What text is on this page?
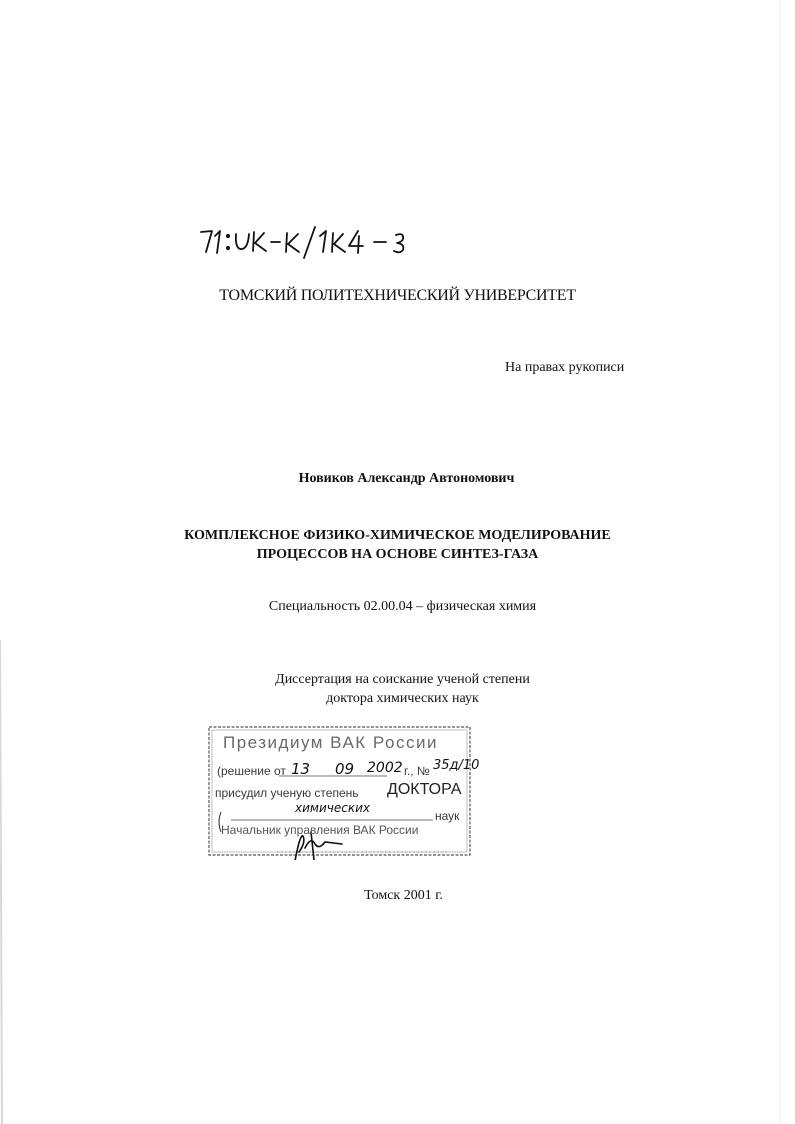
ТОМСКИЙ ПОЛИТЕХНИЧЕСКИЙ УНИВЕРСИТЕТ
На правах рукописи
Новиков Александр Автономович
КОМПЛЕКСНОЕ ФИЗИКО-ХИМИЧЕСКОЕ МОДЕЛИРОВАНИЕ
ПРОЦЕССОВ НА ОСНОВЕ СИНТЕЗ-ГАЗА
Специальность 02.00.04 – физическая химия
Диссертация на соискание ученой степени
доктора химических наук
Президиум ВАК России
(решение от 13 09 2002 г., № 35д/10
присудил ученую степень ДОКТОРА
химических
наук
Начальник управления ВАК России
Томск 2001 г.
